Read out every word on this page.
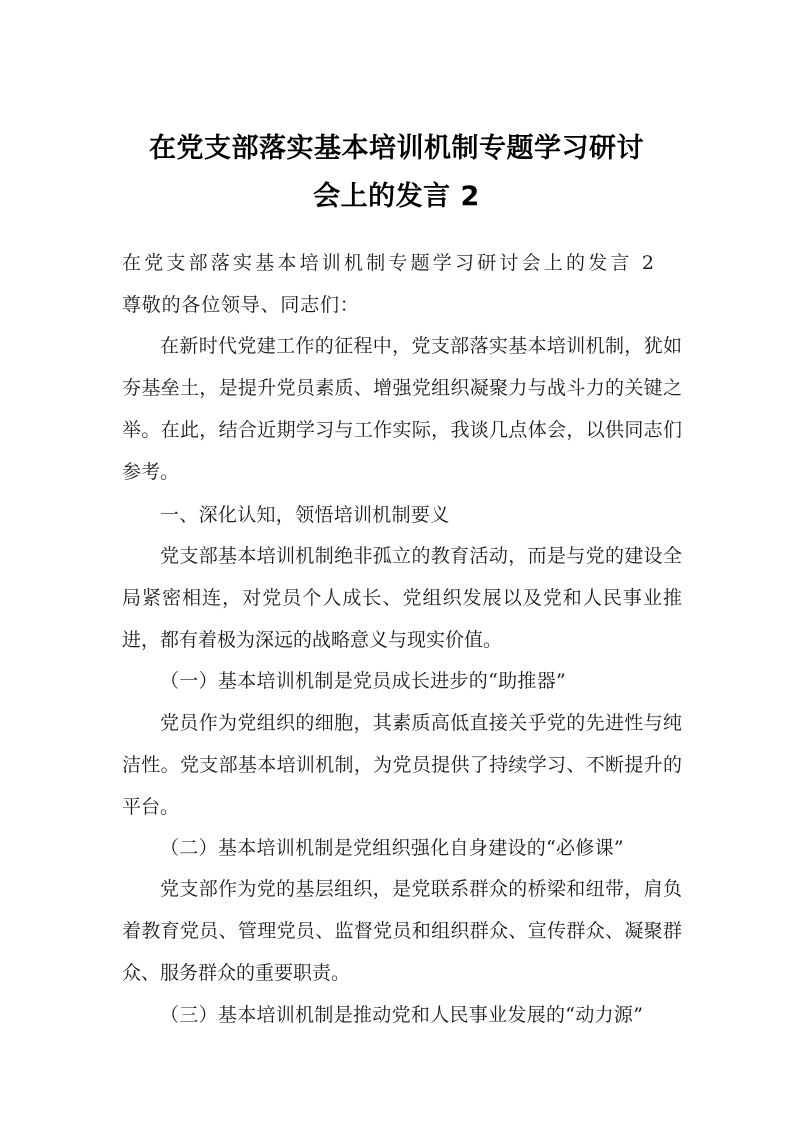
在党支部落实基本培训机制专题学习研讨
会上的发言 2
在党支部落实基本培训机制专题学习研讨会上的发言 2
尊敬的各位领导、同志们：
在新时代党建工作的征程中，党支部落实基本培训机制，犹如夯基垒土，是提升党员素质、增强党组织凝聚力与战斗力的关键之举。在此，结合近期学习与工作实际，我谈几点体会，以供同志们参考。
一、深化认知，领悟培训机制要义
党支部基本培训机制绝非孤立的教育活动，而是与党的建设全局紧密相连，对党员个人成长、党组织发展以及党和人民事业推进，都有着极为深远的战略意义与现实价值。
（一）基本培训机制是党员成长进步的“助推器”
党员作为党组织的细胞，其素质高低直接关乎党的先进性与纯洁性。党支部基本培训机制，为党员提供了持续学习、不断提升的平台。
（二）基本培训机制是党组织强化自身建设的“必修课”
党支部作为党的基层组织，是党联系群众的桥梁和纽带，肩负着教育党员、管理党员、监督党员和组织群众、宣传群众、凝聚群众、服务群众的重要职责。
（三）基本培训机制是推动党和人民事业发展的“动力源”
